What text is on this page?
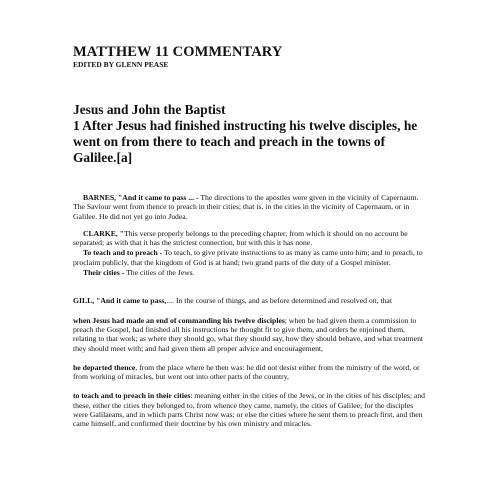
MATTHEW 11 COMMENTARY
EDITED BY GLENN PEASE
Jesus and John the Baptist
1 After Jesus had finished instructing his twelve disciples, he went on from there to teach and preach in the towns of Galilee.[a]

BARNES, "And it came to pass ... - The directions to the apostles were given in the vicinity of Capernaum. The Saviour went from thence to preach in their cities; that is, in the cities in the vicinity of Capernaum, or in Galilee. He did not yet go into Judea.

CLARKE, "This verse properly belongs to the preceding chapter, from which it should on no account be separated; as with that it has the strictest connection, but with this it has none.

To teach and to preach - To teach, to give private instructions to as many as came unto him; and to preach, to proclaim publicly, that the kingdom of God is at hand; two grand parts of the duty of a Gospel minister.

Their cities - The cities of the Jews.

GILL, "And it came to pass,.... In the course of things, and as before determined and resolved on, that

when Jesus had made an end of commanding his twelve disciples; when he had given them a commission to preach the Gospel, had finished all his instructions he thought fit to give them, and orders he enjoined them, relating to that work; as where they should go, what they should say, how they should behave, and what treatment they should meet with; and had given them all proper advice and encouragement,

he departed thence, from the place where he then was: he did not desist either from the ministry of the word, or from working of miracles, but went out into other parts of the country,

to teach and to preach in their cities: meaning either in the cities of the Jews, or in the cities of his disciples; and these, either the cities they belonged to, from whence they came, namely, the cities of Galilee; for the disciples were Galilaeans, and in which parts Christ now was; or else the cities where he sent them to preach first, and then came himself, and confirmed their doctrine by his own ministry and miracles.
